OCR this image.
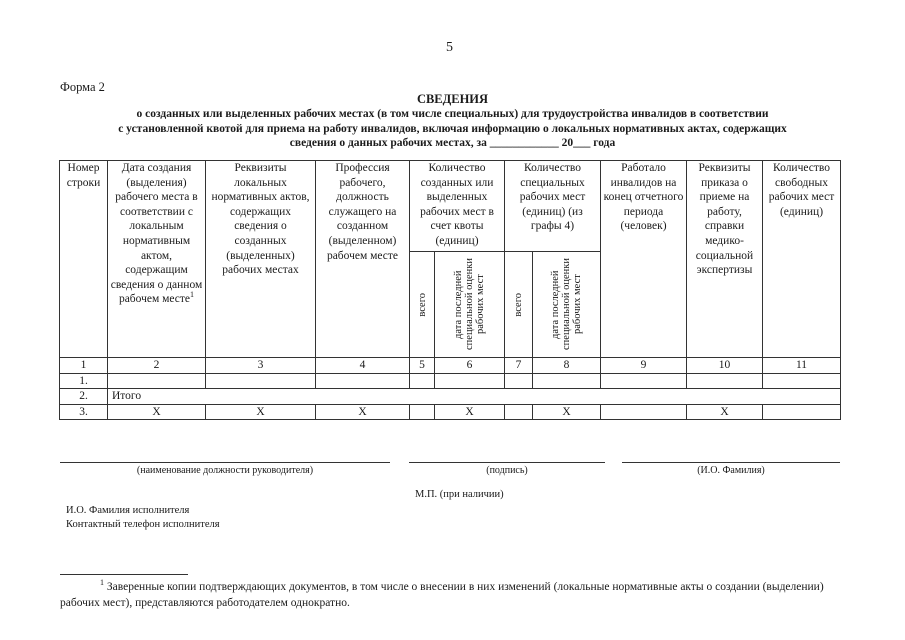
5
Форма 2
СВЕДЕНИЯ
о созданных или выделенных рабочих местах (в том числе специальных) для трудоустройства инвалидов в соответствии
с установленной квотой для приема на работу инвалидов, включая информацию о локальных нормативных актах, содержащих
сведения о данных рабочих местах, за ____________ 20___ года
Номер строки	Дата создания (выделения) рабочего места в соответствии с локальным нормативным актом, содержащим сведения о данном рабочем месте$^1$	Реквизиты локальных нормативных актов, содержащих сведения о созданных (выделенных) рабочих местах	Профессия рабочего, должность служащего на созданном (выделенном) рабочем месте	Количество созданных или выделенных рабочих мест в счет квоты (единиц)		Количество специальных рабочих мест (единиц) (из графы 4)		Работало инвалидов на конец отчетного периода (человек)	Реквизиты приказа о приеме на работу, справки медико-социальной экспертизы	Количество свободных рабочих мест (единиц)

				всего	дата последней специальной оценки рабочих мест	всего	дата последней специальной оценки рабочих мест			

1	2	3	4	5	6	7	8	9	10	11
1.										
2.	Итого									
3.	X	X	X		X		X		X	
(наименование должности руководителя)	(подпись)	(И.О. Фамилия)
М.П. (при наличии)
И.О. Фамилия исполнителя
Контактный телефон исполнителя
$^1$ Заверенные копии подтверждающих документов, в том числе о внесении в них изменений (локальные нормативные акты о создании (выделении) рабочих мест), представляются работодателем однократно.
